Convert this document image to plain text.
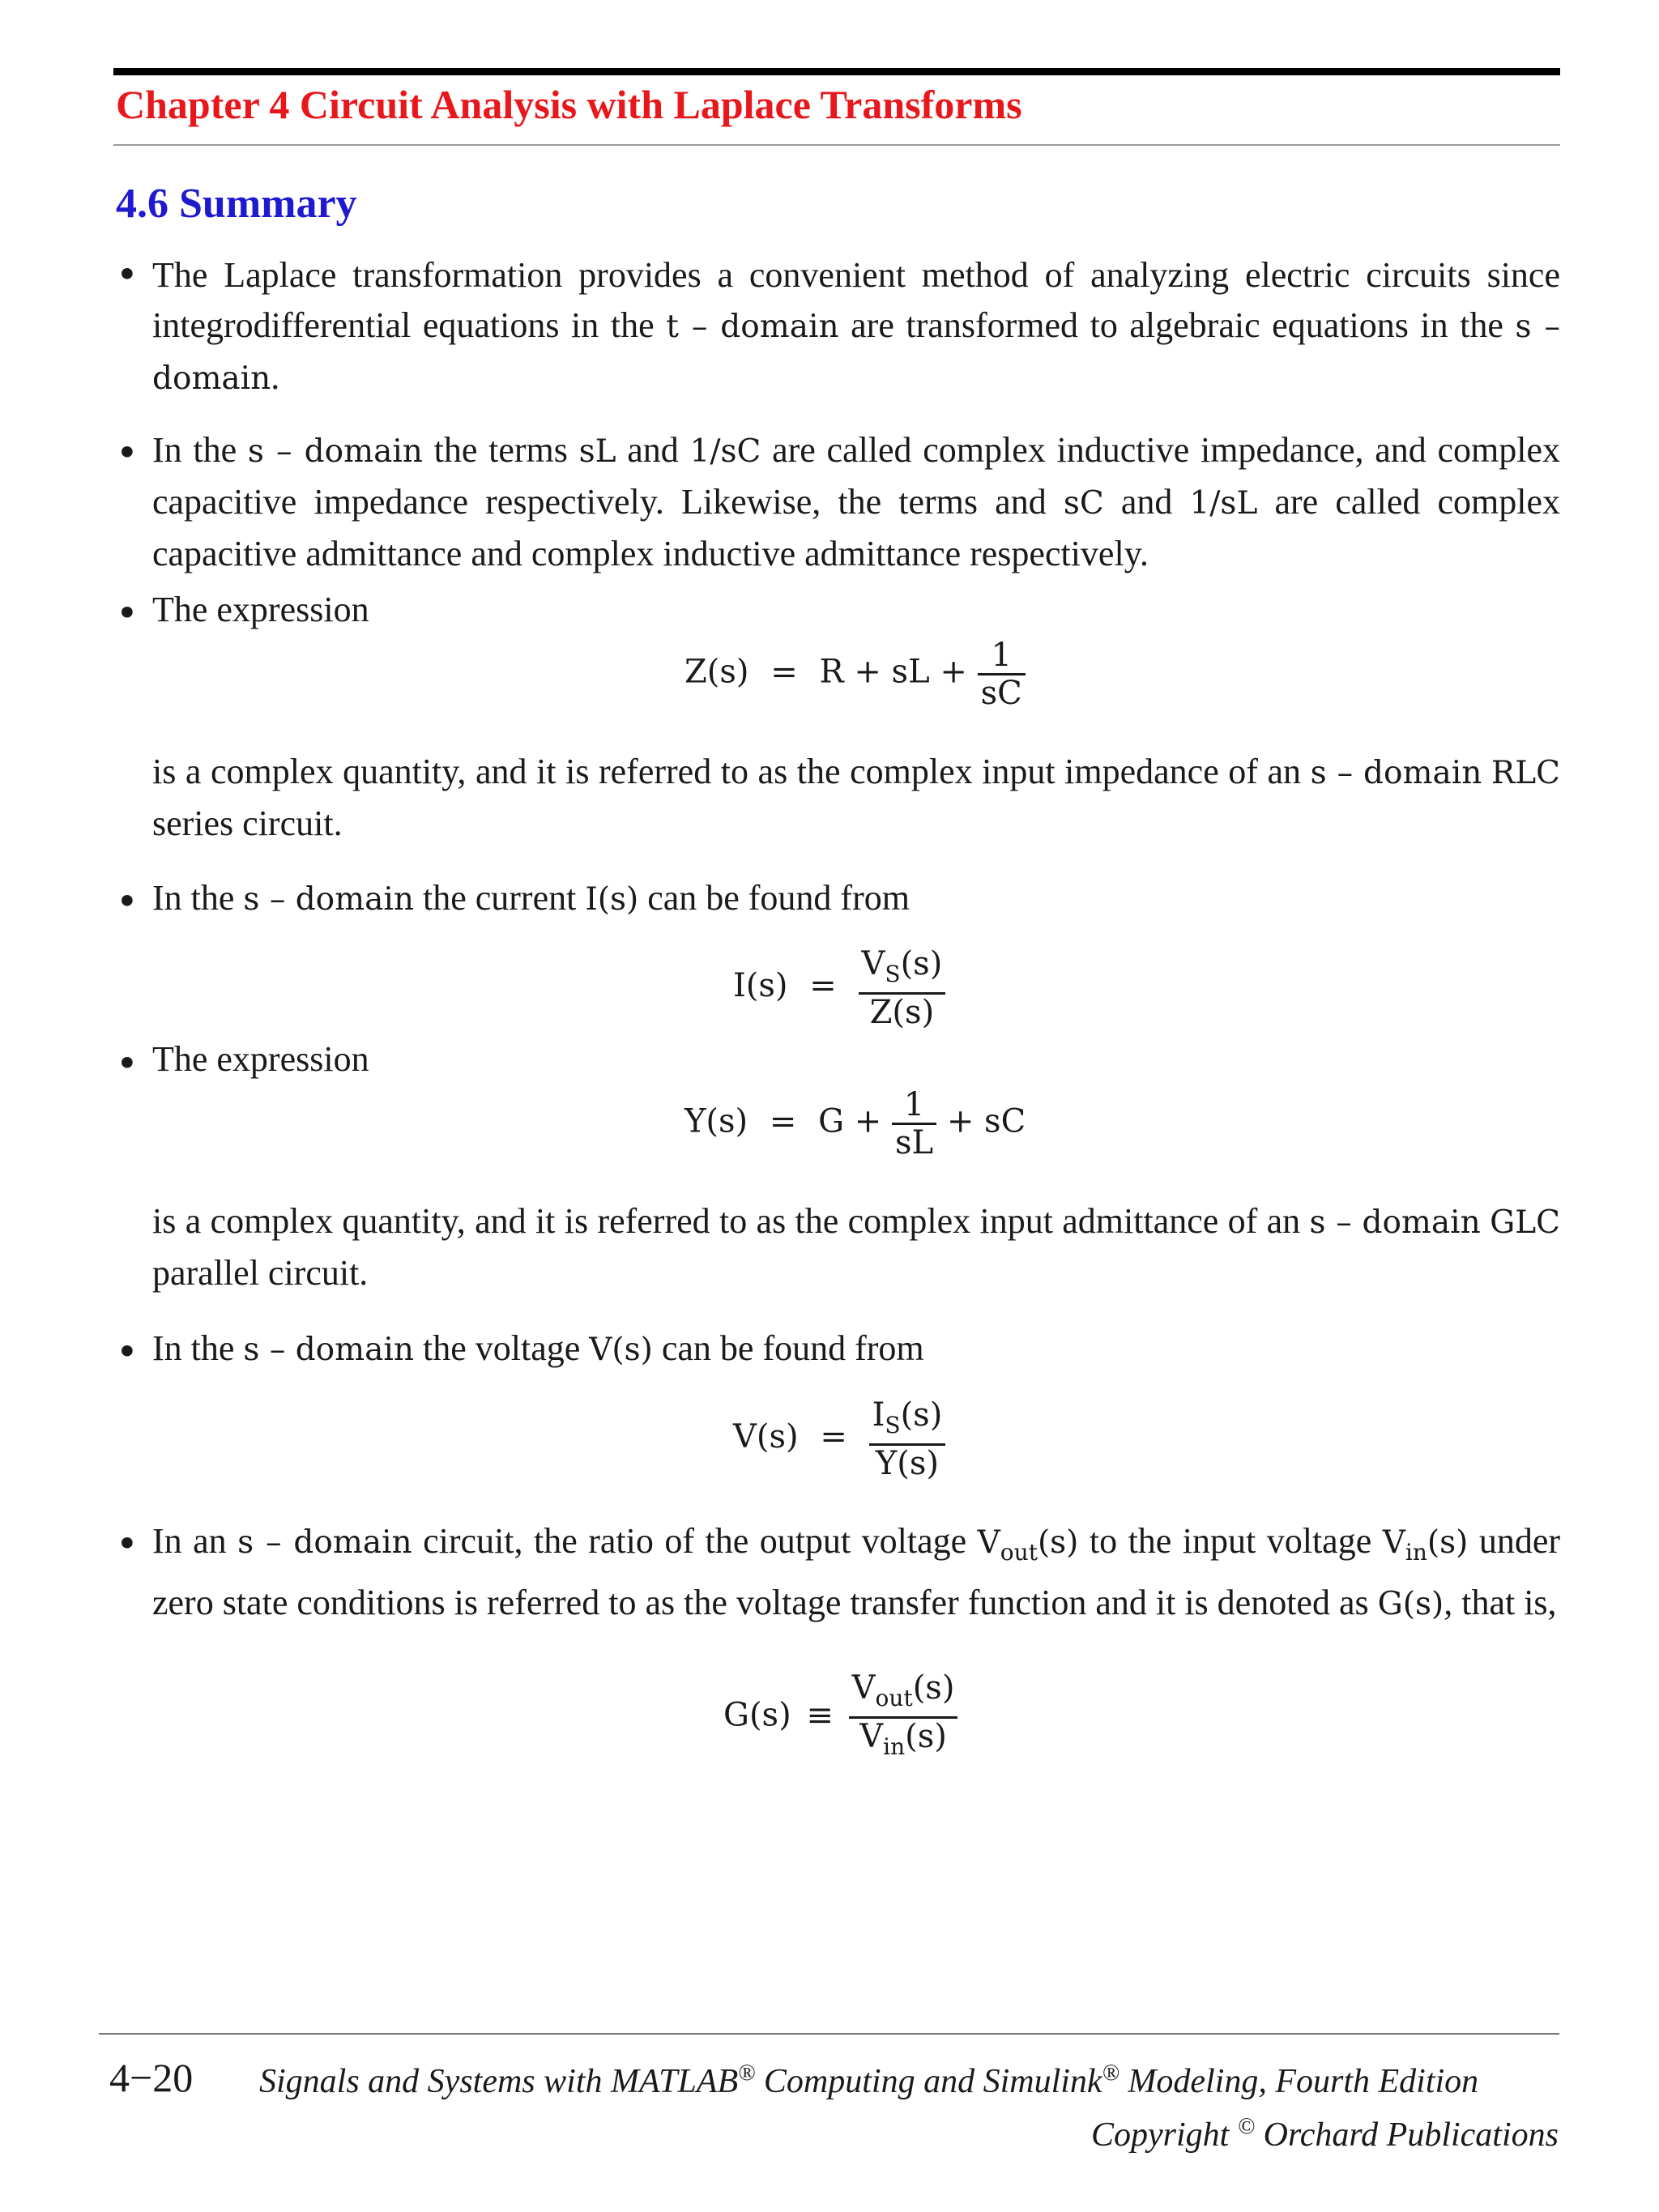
Chapter 4 Circuit Analysis with Laplace Transforms
4.6 Summary
• The Laplace transformation provides a convenient method of analyzing electric circuits since integrodifferential equations in the t – domain are transformed to algebraic equations in the s – domain.
• In the s – domain the terms sL and 1/sC are called complex inductive impedance, and complex capacitive impedance respectively. Likewise, the terms and sC and 1/sL are called complex capacitive admittance and complex inductive admittance respectively.
• The expression
Z(s) = R + sL + $\frac{1}{sC}$
is a complex quantity, and it is referred to as the complex input impedance of an s – domain RLC series circuit.
• In the s – domain the current I(s) can be found from
$I(s) = \frac{V_S(s)}{Z(s)}$
• The expression
$Y(s) = G + \frac{1}{sL}$ + sC
is a complex quantity, and it is referred to as the complex input admittance of an s – domain GLC parallel circuit.
• In the s – domain the voltage V(s) can be found from
$V(s) = \frac{I_S(s)}{Y(s)}$
• In an s – domain circuit, the ratio of the output voltage $V_{out}(s)$ to the input voltage $V_{in}(s)$ under zero state conditions is referred to as the voltage transfer function and it is denoted as G(s), that is,
$G(s) \equiv \frac{V_{out}(s)}{V_{in}(s)}$
4−20 Signals and Systems with MATLAB® Computing and Simulink® Modeling, Fourth Edition
Copyright © Orchard Publications
